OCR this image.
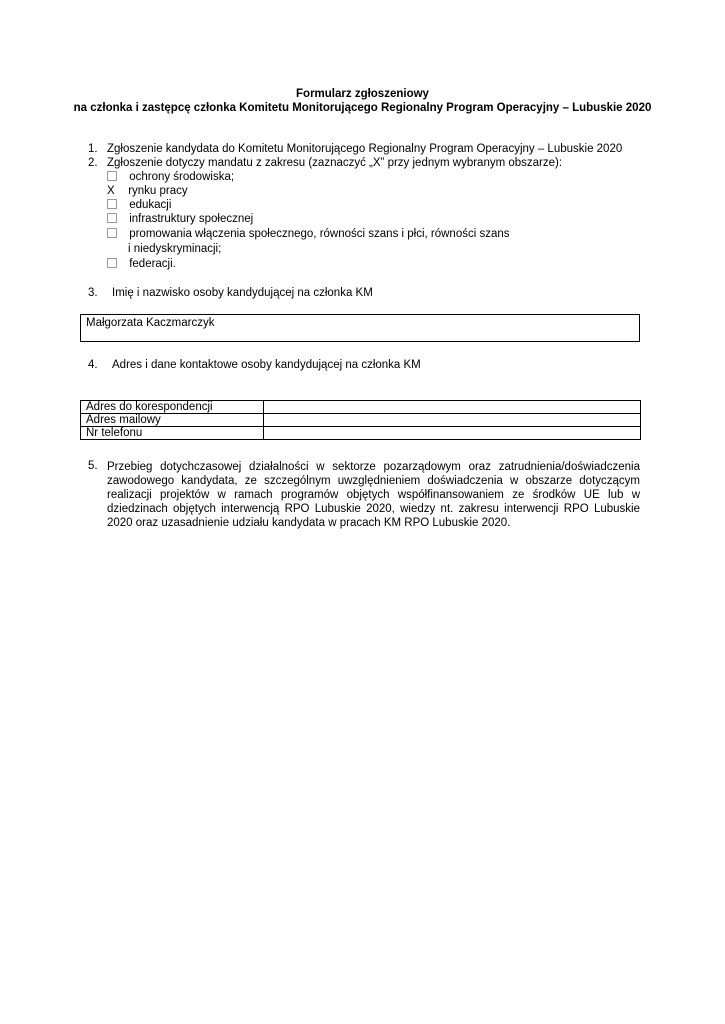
Formularz zgłoszeniowy
na członka i zastępcę członka Komitetu Monitorującego Regionalny Program Operacyjny – Lubuskie 2020
1. Zgłoszenie kandydata do Komitetu Monitorującego Regionalny Program Operacyjny – Lubuskie 2020
2. Zgłoszenie dotyczy mandatu z zakresu (zaznaczyć „X” przy jednym wybranym obszarze):
ochrony środowiska;
X rynku pracy
edukacji
infrastruktury społecznej
promowania włączenia społecznego, równości szans i płci, równości szans
i niedyskryminacji;
federacji.
3. Imię i nazwisko osoby kandydującej na członka KM
Małgorzata Kaczmarczyk
4. Adres i dane kontaktowe osoby kandydującej na członka KM
Adres do korespondencji	
Adres mailowy	
Nr telefonu	
5. Przebieg dotychczasowej działalności w sektorze pozarządowym oraz zatrudnienia/doświadczenia zawodowego kandydata, ze szczególnym uwzględnieniem doświadczenia w obszarze dotyczącym realizacji projektów w ramach programów objętych współfinansowaniem ze środków UE lub w dziedzinach objętych interwencją RPO Lubuskie 2020, wiedzy nt. zakresu interwencji RPO Lubuskie 2020 oraz uzasadnienie udziału kandydata w pracach KM RPO Lubuskie 2020.
